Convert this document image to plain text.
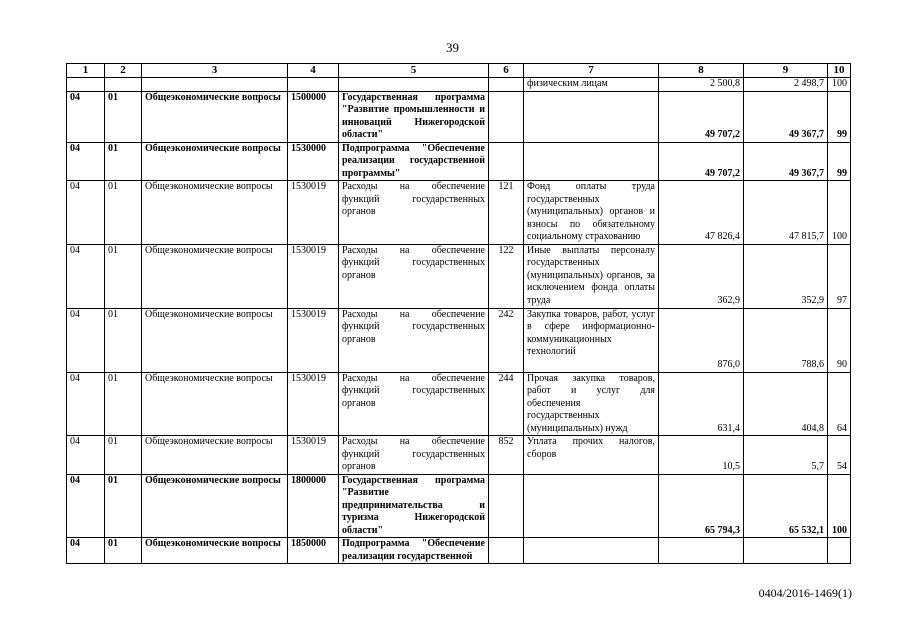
39
1	2	3	4	5	6	7	8	9	10
						физическим лицам	2 500,8	2 498,7	100
04	01	Общеэкономические вопросы	1500000	Государственная программа "Развитие промышленности и инноваций Нижегородской области"			49 707,2	49 367,7	99
04	01	Общеэкономические вопросы	1530000	Подпрограмма "Обеспечение реализации государственной программы"			49 707,2	49 367,7	99
04	01	Общеэкономические вопросы	1530019	Расходы на обеспечение функций государственных органов	121	Фонд оплаты труда государственных (муниципальных) органов и взносы по обязательному социальному страхованию	47 826,4	47 815,7	100
04	01	Общеэкономические вопросы	1530019	Расходы на обеспечение функций государственных органов	122	Иные выплаты персоналу государственных (муниципальных) органов, за исключением фонда оплаты труда	362,9	352,9	97
04	01	Общеэкономические вопросы	1530019	Расходы на обеспечение функций государственных органов	242	Закупка товаров, работ, услуг в сфере информационно-коммуникационных технологий	876,0	788,6	90
04	01	Общеэкономические вопросы	1530019	Расходы на обеспечение функций государственных органов	244	Прочая закупка товаров, работ и услуг для обеспечения государственных (муниципальных) нужд	631,4	404,8	64
04	01	Общеэкономические вопросы	1530019	Расходы на обеспечение функций государственных органов	852	Уплата прочих налогов, сборов	10,5	5,7	54
04	01	Общеэкономические вопросы	1800000	Государственная программа "Развитие предпринимательства и туризма Нижегородской области"			65 794,3	65 532,1	100
04	01	Общеэкономические вопросы	1850000	Подпрограмма "Обеспечение реализации государственной					
0404/2016-1469(1)
